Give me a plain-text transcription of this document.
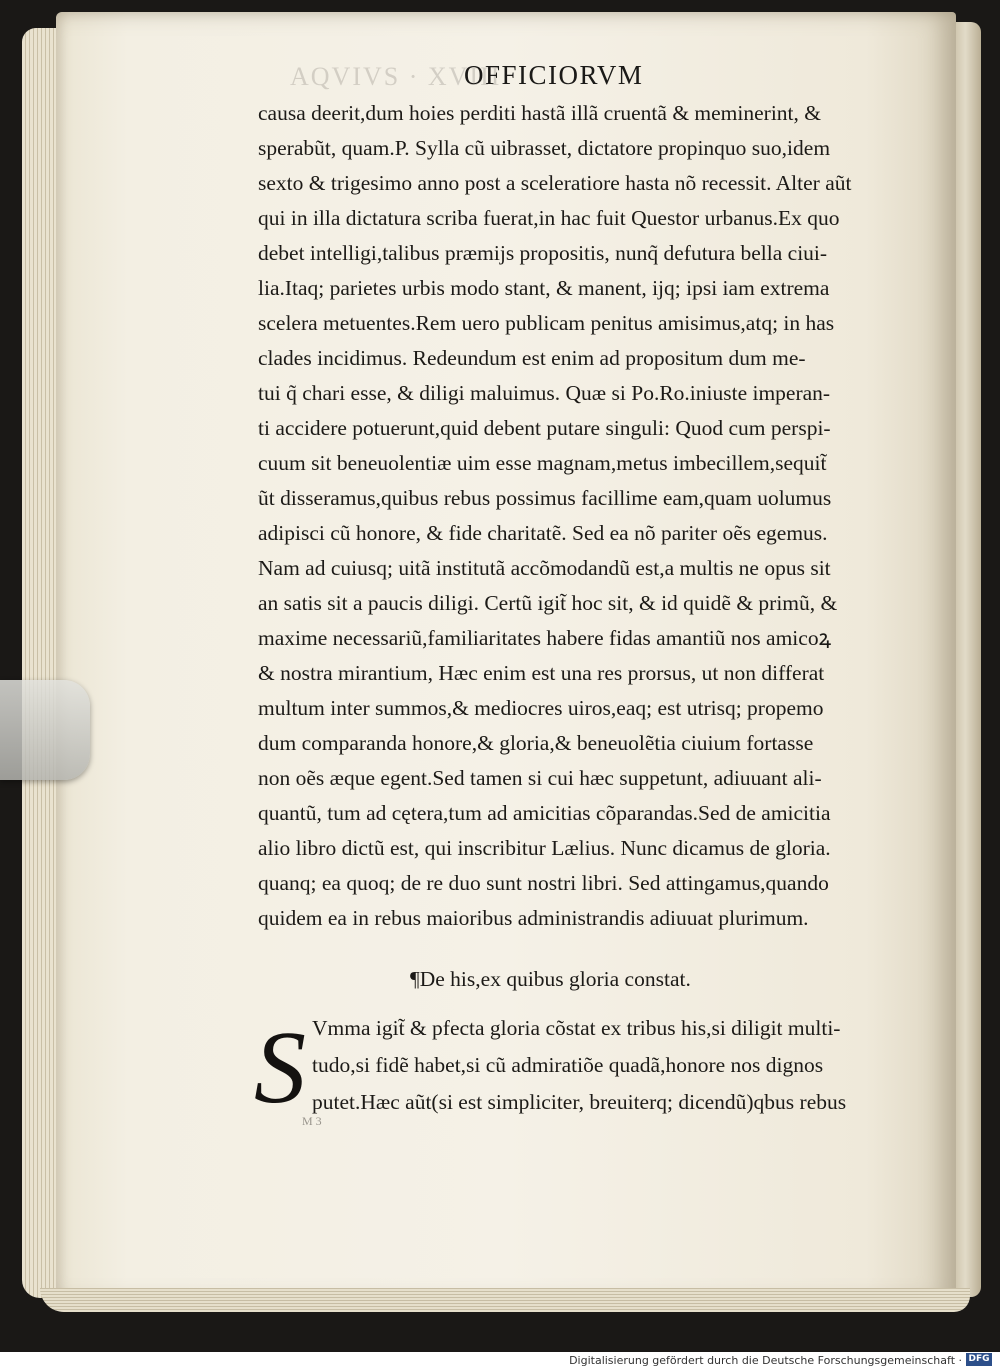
AQVIVS · XVIII
OFFICIORVM
causa deerit,dum hoies perditi hastã illã cruentã & meminerint, &
sperabũt, quam.P. Sylla cũ uibrasset, dictatore propinquo suo,idem
sexto & trigesimo anno post a sceleratiore hasta nõ recessit. Alter aũt
qui in illa dictatura scriba fuerat,in hac fuit Questor urbanus.Ex quo
debet intelligi,talibus præmijs propositis, nunq̃ defutura bella ciui-
lia.Itaq; parietes urbis modo stant, & manent, ijq; ipsi iam extrema
scelera metuentes.Rem uero publicam penitus amisimus,atq; in has
clades incidimus. Redeundum est enim ad propositum dum me-
tui q̃ chari esse, & diligi maluimus. Quæ si Po.Ro.iniuste imperan-
ti accidere potuerunt,quid debent putare singuli: Quod cum perspi-
cuum sit beneuolentiæ uim esse magnam,metus imbecillem,sequit̃
ũt disseramus,quibus rebus possimus facillime eam,quam uolumus
adipisci cũ honore, & fide charitatẽ. Sed ea nõ pariter oẽs egemus.
Nam ad cuiusq; uitã institutã accõmodandũ est,a multis ne opus sit
an satis sit a paucis diligi. Certũ igit̃ hoc sit, & id quidẽ & primũ, &
maxime necessariũ,familiaritates habere fidas amantiũ nos amicoꝝ
& nostra mirantium, Hæc enim est una res prorsus, ut non differat
multum inter summos,& mediocres uiros,eaq; est utrisq; propemo
dum comparanda honore,& gloria,& beneuolẽtia ciuium fortasse
non oẽs æque egent.Sed tamen si cui hæc suppetunt, adiuuant ali-
quantũ, tum ad cętera,tum ad amicitias cõparandas.Sed de amicitia
alio libro dictũ est, qui inscribitur Lælius. Nunc dicamus de gloria.
quanq; ea quoq; de re duo sunt nostri libri. Sed attingamus,quando
quidem ea in rebus maioribus administrandis adiuuat plurimum.
¶De his,ex quibus gloria constat.
S Vmma igit̃ & pfecta gloria cõstat ex tribus his,si diligit multi-
tudo,si fidẽ habet,si cũ admiratiõe quadã,honore nos dignos
putet.Hæc aũt(si est simpliciter, breuiterq; dicendũ)qbus rebus
M 3
Digitalisierung gefördert durch die Deutsche Forschungsgemeinschaft · DFG
